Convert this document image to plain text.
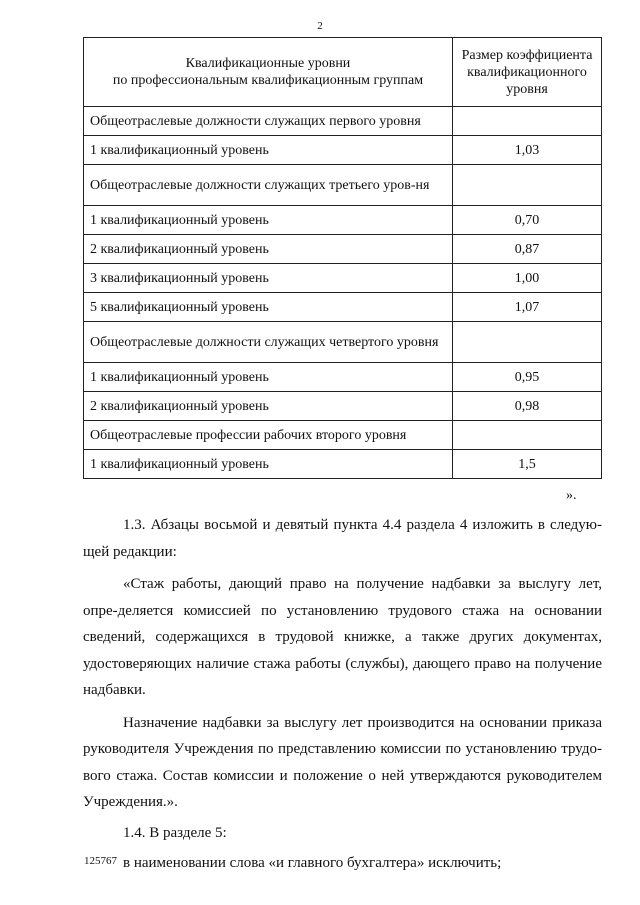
2
Квалификационные уровни
по профессиональным квалификационным группам	Размер коэффициента квалификационного уровня
Общеотраслевые должности служащих первого уровня	
1 квалификационный уровень	1,03
Общеотраслевые должности служащих третьего уров-ня	
1 квалификационный уровень	0,70
2 квалификационный уровень	0,87
3 квалификационный уровень	1,00
5 квалификационный уровень	1,07
Общеотраслевые должности служащих четвертого уровня	
1 квалификационный уровень	0,95
2 квалификационный уровень	0,98
Общеотраслевые профессии рабочих второго уровня	
1 квалификационный уровень	1,5
».

1.3. Абзацы восьмой и девятый пункта 4.4 раздела 4 изложить в следую-щей редакции:

«Стаж работы, дающий право на получение надбавки за выслугу лет, опре-деляется комиссией по установлению трудового стажа на основании сведений, содержащихся в трудовой книжке, а также других документах, удостоверяющих наличие стажа работы (службы), дающего право на получение надбавки.

Назначение надбавки за выслугу лет производится на основании приказа руководителя Учреждения по представлению комиссии по установлению трудо-вого стажа. Состав комиссии и положение о ней утверждаются руководителем Учреждения.».

1.4. В разделе 5:

в наименовании слова «и главного бухгалтера» исключить;

125767
